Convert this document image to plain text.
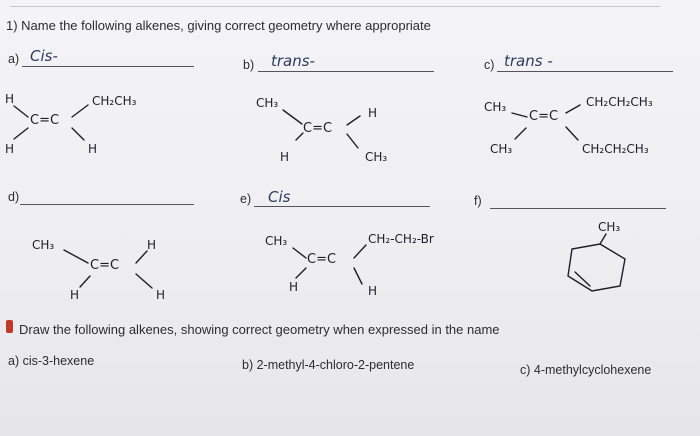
1) Name the following alkenes, giving correct geometry where appropriate
a) Cis-	b) trans-	c) trans -
d)	e) Cis	f)
H
H
C=C
CH₂CH₃
H
CH₃
H
C=C
H	CH₃
CH₃
C=C
CH₂CH₂CH₃
CH₃	CH₂CH₂CH₃
CH₃	H
C=C
H	H
CH₃	CH₂-CH₂-Br
C=C
H	H
CH₃
Draw the following alkenes, showing correct geometry when expressed in the name
a) cis-3-hexene	b) 2-methyl-4-chloro-2-pentene	c) 4-methylcyclohexene
